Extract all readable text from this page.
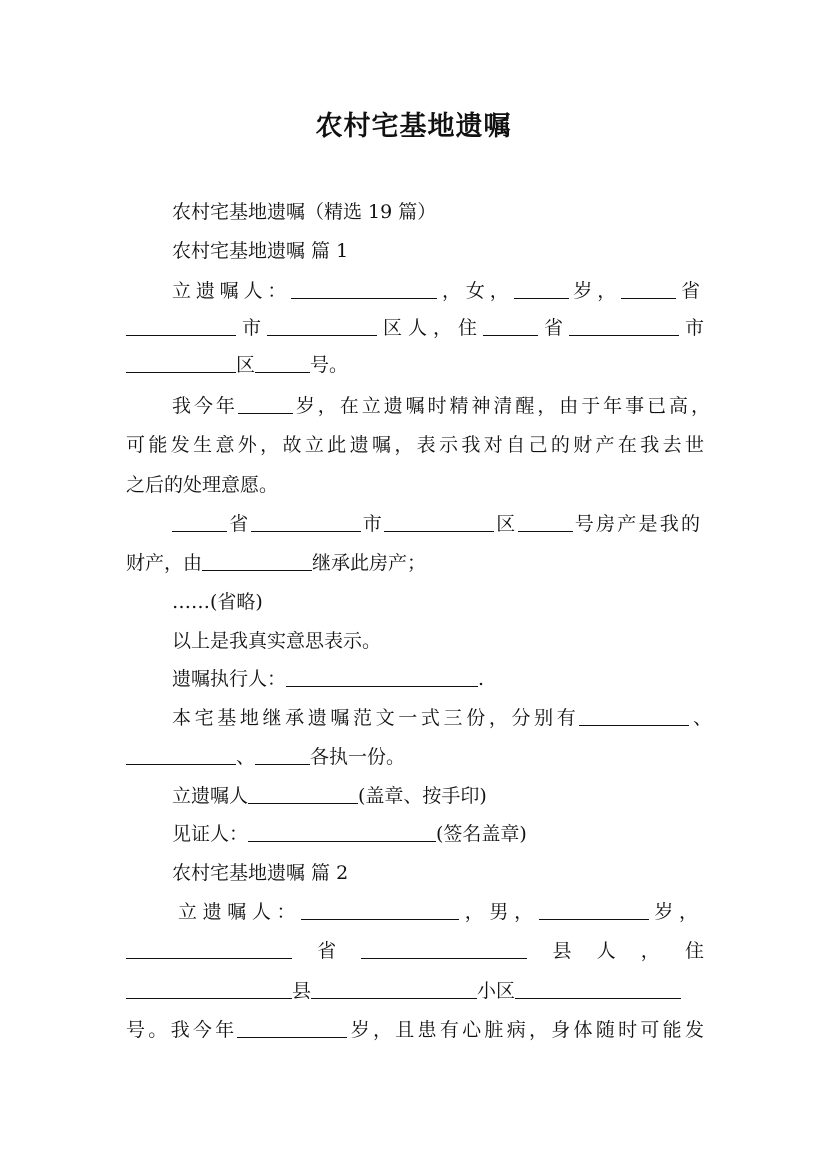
农村宅基地遗嘱
农村宅基地遗嘱（精选 19 篇）
农村宅基地遗嘱 篇 1
立遗嘱人：	，女，	岁，	省
市	区人，住	省	市
区	号。
我今年	岁，在立遗嘱时精神清醒，由于年事已高，
可能发生意外，故立此遗嘱，表示我对自己的财产在我去世
之后的处理意愿。
省	市	区	号房产是我的
财产，由	继承此房产；
……(省略)
以上是我真实意思表示。
遗嘱执行人：	.
本宅基地继承遗嘱范文一式三份，分别有	、
、	各执一份。
立遗嘱人	(盖章、按手印)
见证人：	(签名盖章)
农村宅基地遗嘱 篇 2
立遗嘱人：	，男，	岁，
省	县人，住
县	小区
号。我今年	岁，且患有心脏病，身体随时可能发
